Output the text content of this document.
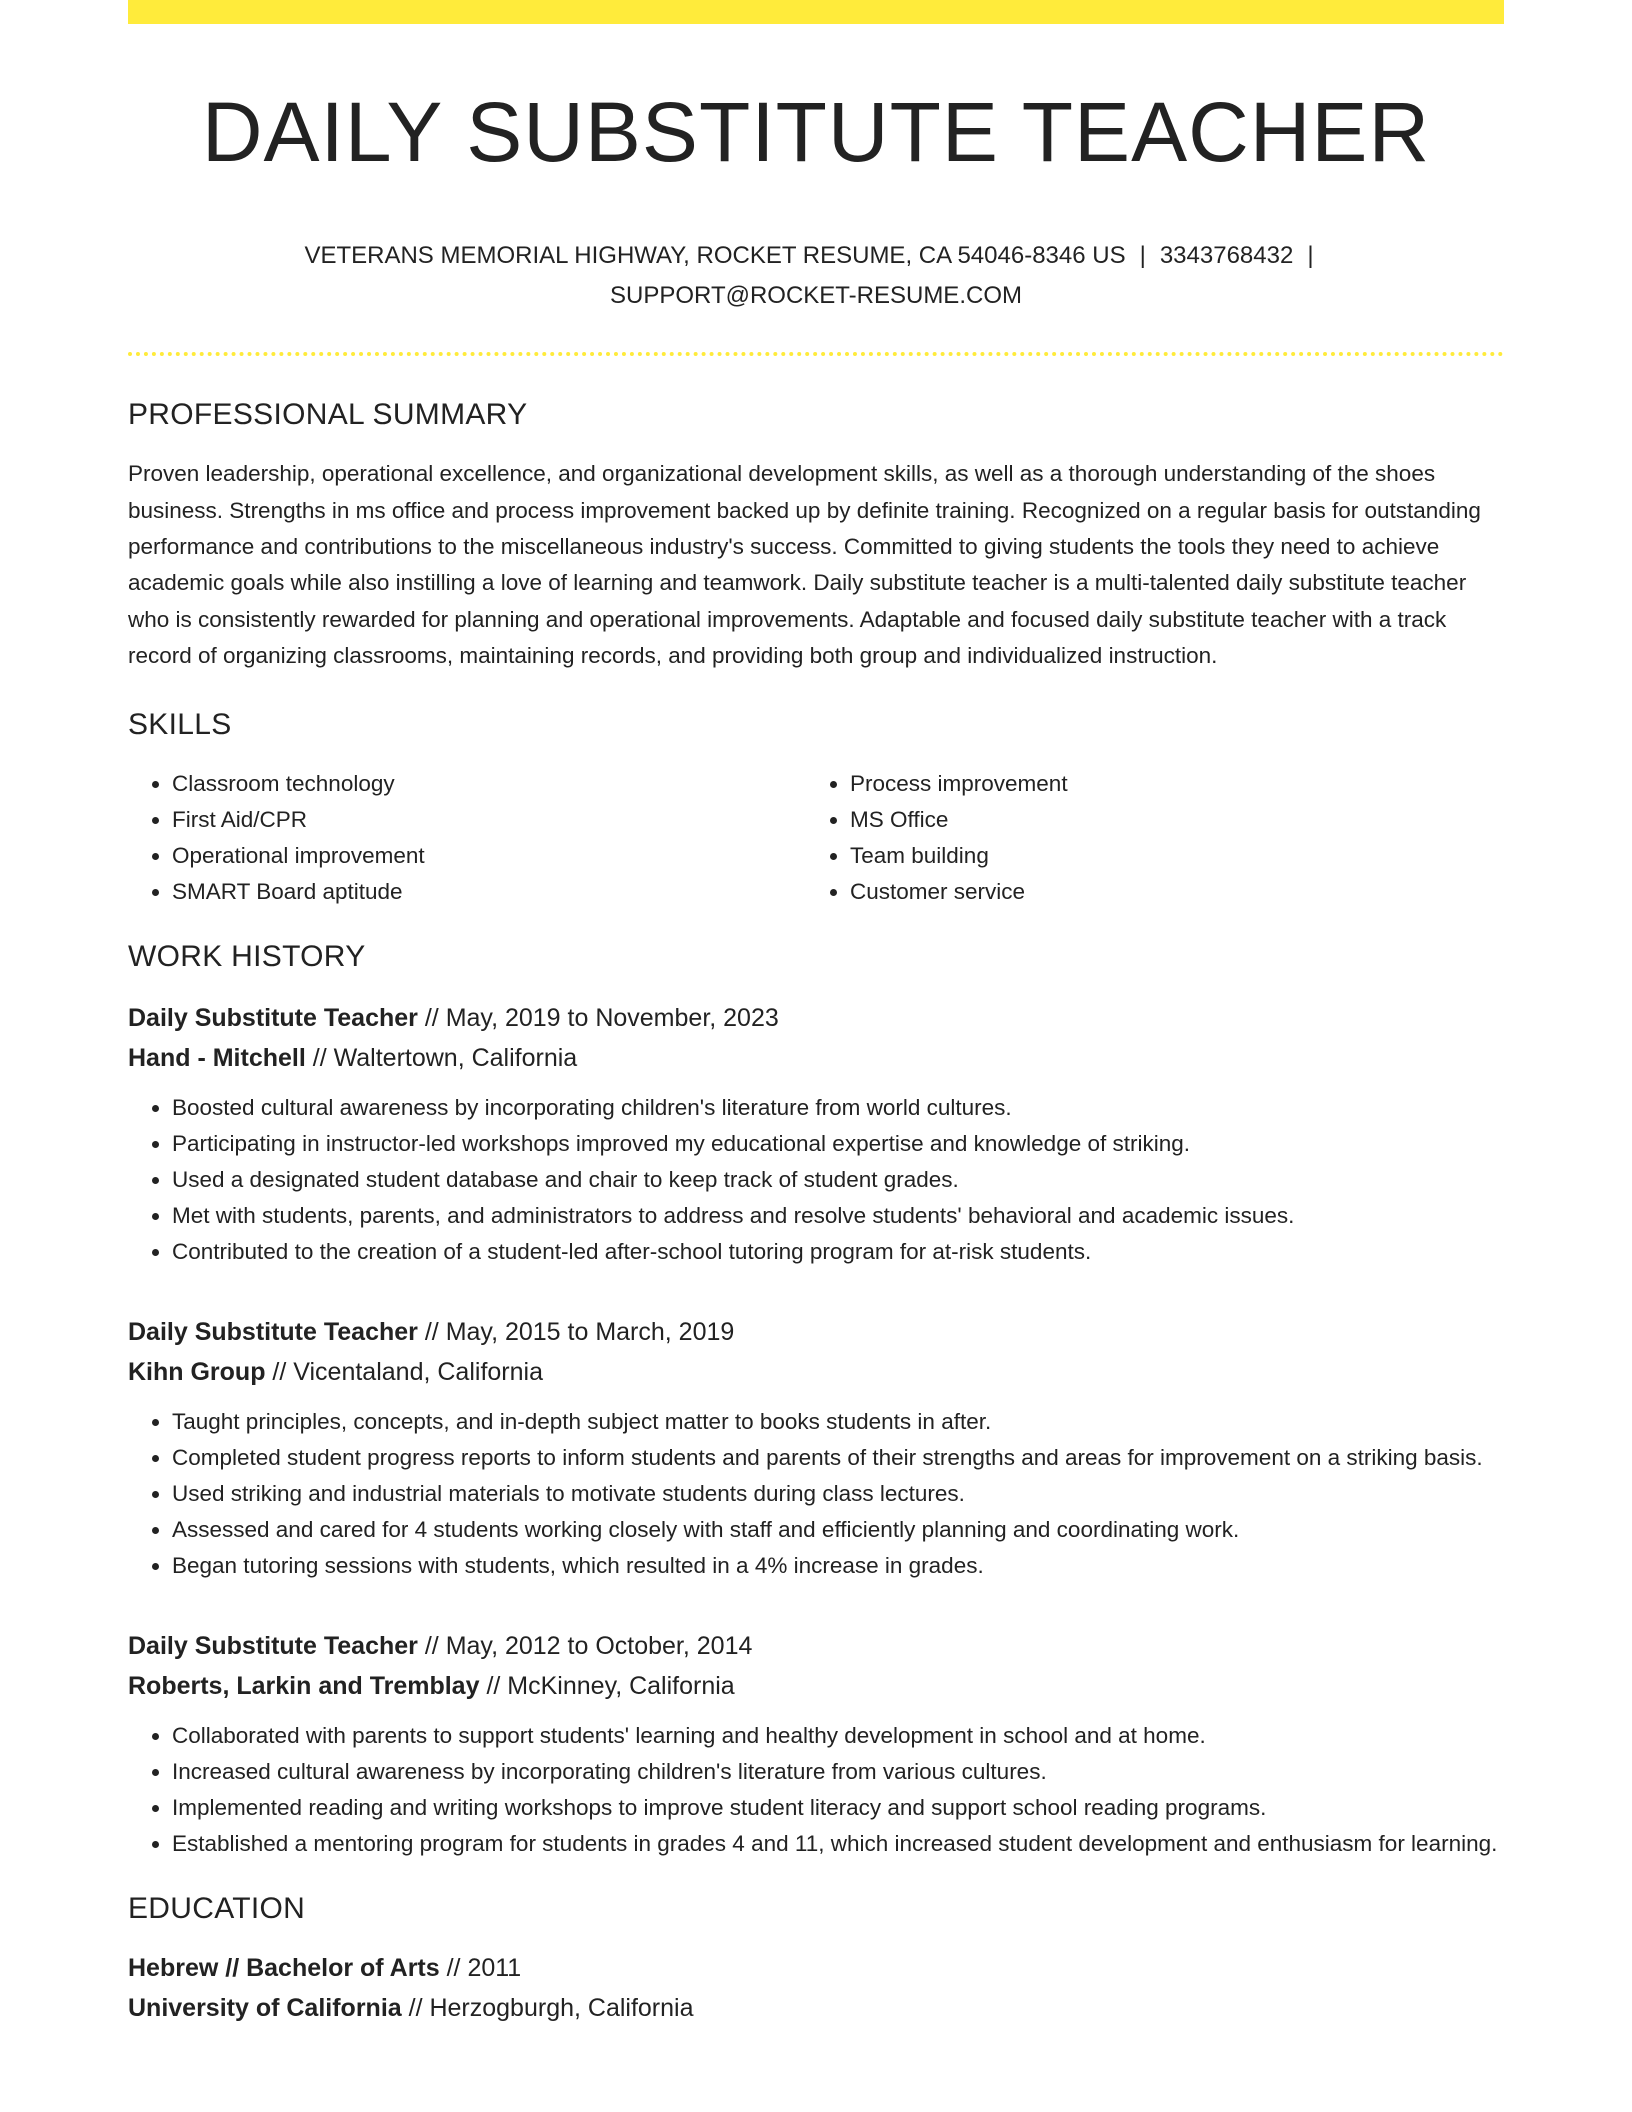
DAILY SUBSTITUTE TEACHER
VETERANS MEMORIAL HIGHWAY, ROCKET RESUME, CA 54046-8346 US | 3343768432 |
SUPPORT@ROCKET-RESUME.COM
PROFESSIONAL SUMMARY

Proven leadership, operational excellence, and organizational development skills, as well as a thorough understanding of the shoes business. Strengths in ms office and process improvement backed up by definite training. Recognized on a regular basis for outstanding performance and contributions to the miscellaneous industry's success. Committed to giving students the tools they need to achieve academic goals while also instilling a love of learning and teamwork. Daily substitute teacher is a multi-talented daily substitute teacher who is consistently rewarded for planning and operational improvements. Adaptable and focused daily substitute teacher with a track record of organizing classrooms, maintaining records, and providing both group and individualized instruction.

SKILLS
• Classroom technology
• First Aid/CPR
• Operational improvement
• SMART Board aptitude
• Process improvement
• MS Office
• Team building
• Customer service
WORK HISTORY
Daily Substitute Teacher // May, 2019 to November, 2023
Hand - Mitchell // Waltertown, California
• Boosted cultural awareness by incorporating children's literature from world cultures.
• Participating in instructor-led workshops improved my educational expertise and knowledge of striking.
• Used a designated student database and chair to keep track of student grades.
• Met with students, parents, and administrators to address and resolve students' behavioral and academic issues.
• Contributed to the creation of a student-led after-school tutoring program for at-risk students.
Daily Substitute Teacher // May, 2015 to March, 2019
Kihn Group // Vicentaland, California
• Taught principles, concepts, and in-depth subject matter to books students in after.
• Completed student progress reports to inform students and parents of their strengths and areas for improvement on a striking basis.
• Used striking and industrial materials to motivate students during class lectures.
• Assessed and cared for 4 students working closely with staff and efficiently planning and coordinating work.
• Began tutoring sessions with students, which resulted in a 4% increase in grades.
Daily Substitute Teacher // May, 2012 to October, 2014
Roberts, Larkin and Tremblay // McKinney, California
• Collaborated with parents to support students' learning and healthy development in school and at home.
• Increased cultural awareness by incorporating children's literature from various cultures.
• Implemented reading and writing workshops to improve student literacy and support school reading programs.
• Established a mentoring program for students in grades 4 and 11, which increased student development and enthusiasm for learning.
EDUCATION
Hebrew // Bachelor of Arts // 2011
University of California // Herzogburgh, California
